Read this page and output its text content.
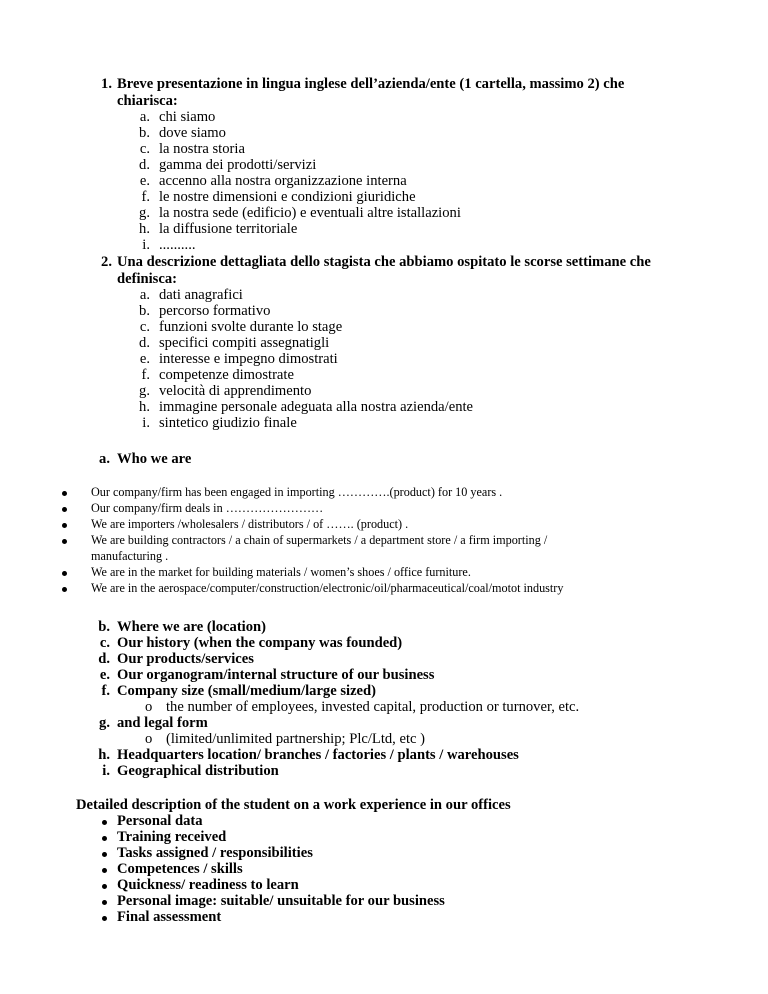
1. Breve presentazione in lingua inglese dell’azienda/ente (1 cartella, massimo 2) che
chiarisca:
a. chi siamo
b. dove siamo
c. la nostra storia
d. gamma dei prodotti/servizi
e. accenno alla nostra organizzazione interna
f. le nostre dimensioni e condizioni giuridiche
g. la nostra sede (edificio) e eventuali altre istallazioni
h. la diffusione territoriale
i. ..........
2. Una descrizione dettagliata dello stagista che abbiamo ospitato le scorse settimane che
definisca:
a. dati anagrafici
b. percorso formativo
c. funzioni svolte durante lo stage
d. specifici compiti assegnatigli
e. interesse e impegno dimostrati
f. competenze dimostrate
g. velocità di apprendimento
h. immagine personale adeguata alla nostra azienda/ente
i. sintetico giudizio finale
a. Who we are
Our company/firm has been engaged in importing ………….(product) for 10 years .
Our company/firm deals in ……………………
We are importers /wholesalers / distributors / of ……. (product) .
We are building contractors / a chain of supermarkets / a department store / a firm importing /
manufacturing .
We are in the market for building materials / women’s shoes / office furniture.
We are in the aerospace/computer/construction/electronic/oil/pharmaceutical/coal/motot industry
b. Where we are (location)
c. Our history (when the company was founded)
d. Our products/services
e. Our organogram/internal structure of our business
f. Company size (small/medium/large sized)
o the number of employees, invested capital, production or turnover, etc.
g. and legal form
o (limited/unlimited partnership; Plc/Ltd, etc )
h. Headquarters location/ branches / factories / plants / warehouses
i. Geographical distribution
Detailed description of the student on a work experience in our offices
Personal data
Training received
Tasks assigned / responsibilities
Competences / skills
Quickness/ readiness to learn
Personal image: suitable/ unsuitable for our business
Final assessment
